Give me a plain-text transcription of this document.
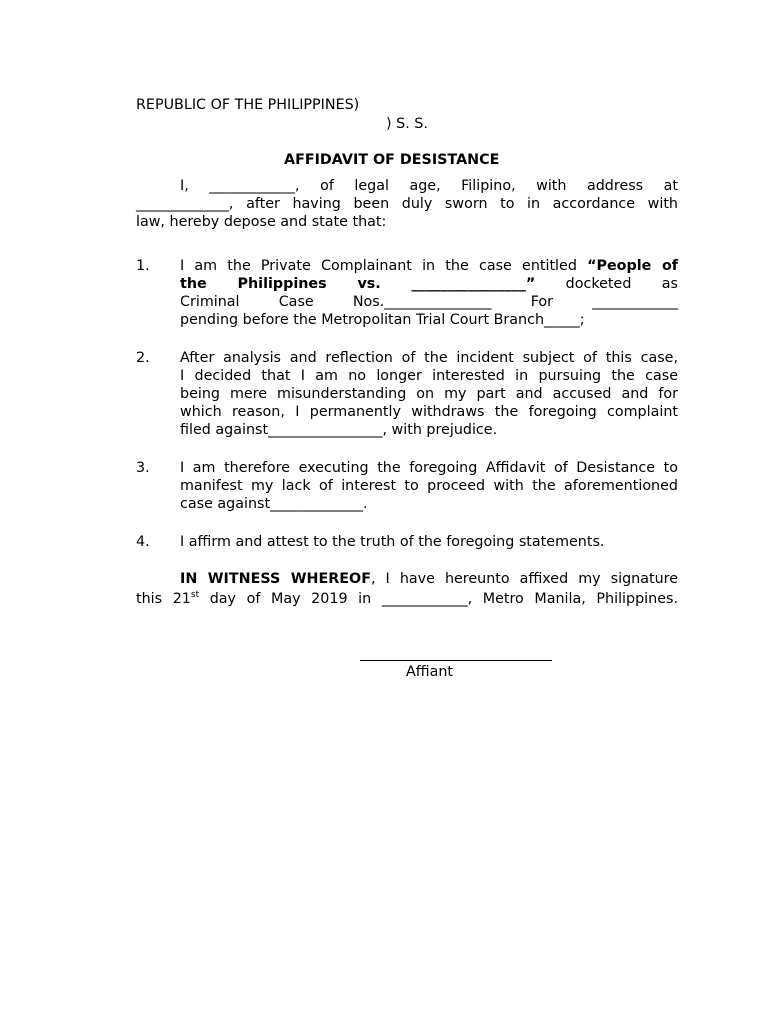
REPUBLIC OF THE PHILIPPINES)
) S. S.
AFFIDAVIT OF DESISTANCE
I, ____________, of legal age, Filipino, with address at
_____________, after having been duly sworn to in accordance with
law, hereby depose and state that:
1. I am the Private Complainant in the case entitled “People of
the Philippines vs. ________________” docketed as
Criminal Case Nos._______________ For ____________
pending before the Metropolitan Trial Court Branch_____;
2. After analysis and reflection of the incident subject of this case,
I decided that I am no longer interested in pursuing the case
being mere misunderstanding on my part and accused and for
which reason, I permanently withdraws the foregoing complaint
filed against________________, with prejudice.
3. I am therefore executing the foregoing Affidavit of Desistance to
manifest my lack of interest to proceed with the aforementioned
case against_____________.
4. I affirm and attest to the truth of the foregoing statements.
IN WITNESS WHEREOF, I have hereunto affixed my signature
this 21st day of May 2019 in ____________, Metro Manila, Philippines.
Affiant
